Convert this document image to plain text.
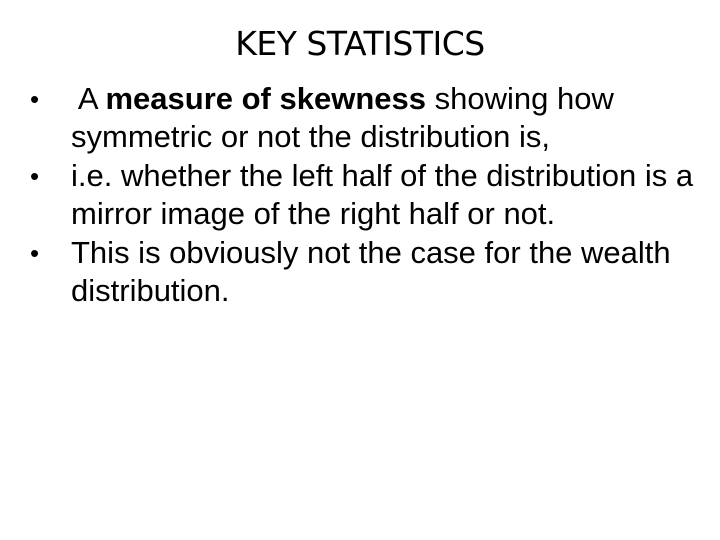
KEY STATISTICS
•	A measure of skewness showing how symmetric or not the distribution is,
•	i.e. whether the left half of the distribution is a mirror image of the right half or not.
•	This is obviously not the case for the wealth distribution.
